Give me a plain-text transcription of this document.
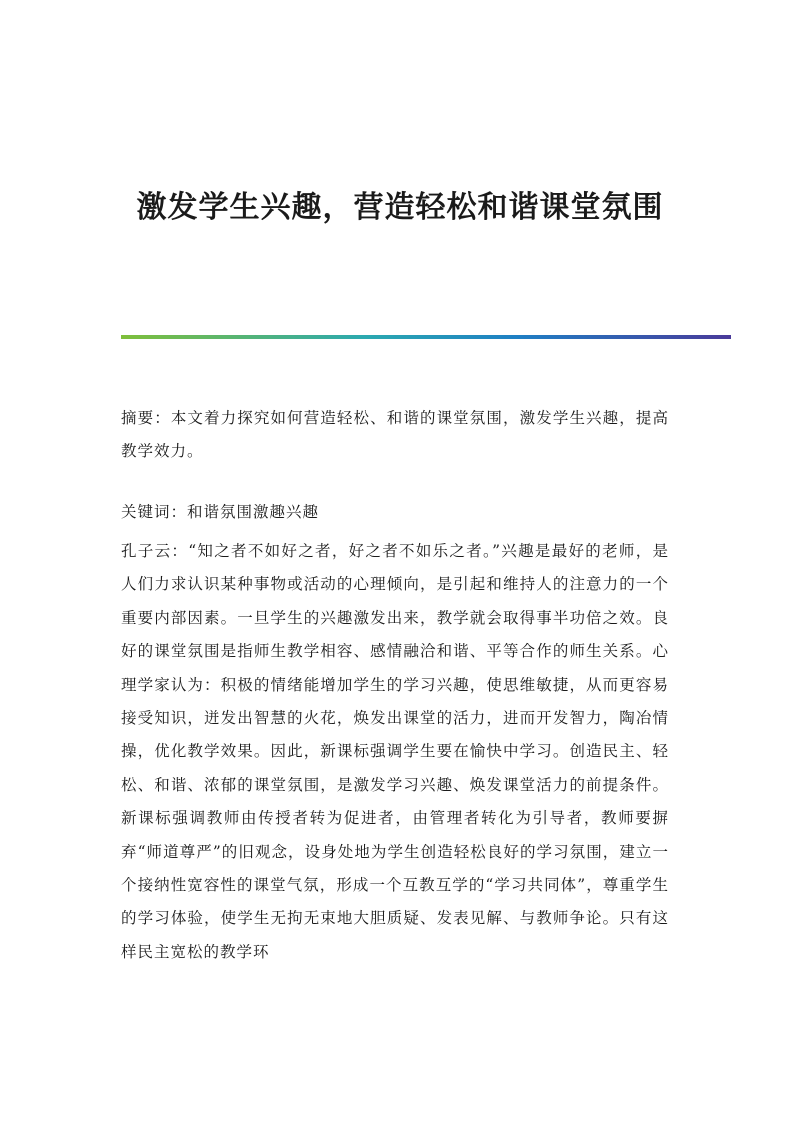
激发学生兴趣，营造轻松和谐课堂氛围

摘要：本文着力探究如何营造轻松、和谐的课堂氛围，激发学生兴趣，提高教学效力。

关键词：和谐氛围激趣兴趣

孔子云：“知之者不如好之者，好之者不如乐之者。”兴趣是最好的老师，是人们力求认识某种事物或活动的心理倾向，是引起和维持人的注意力的一个重要内部因素。一旦学生的兴趣激发出来，教学就会取得事半功倍之效。良好的课堂氛围是指师生教学相容、感情融洽和谐、平等合作的师生关系。心理学家认为：积极的情绪能增加学生的学习兴趣，使思维敏捷，从而更容易接受知识，迸发出智慧的火花，焕发出课堂的活力，进而开发智力，陶冶情操，优化教学效果。因此，新课标强调学生要在愉快中学习。创造民主、轻松、和谐、浓郁的课堂氛围，是激发学习兴趣、焕发课堂活力的前提条件。新课标强调教师由传授者转为促进者，由管理者转化为引导者，教师要摒弃“师道尊严”的旧观念，设身处地为学生创造轻松良好的学习氛围，建立一个接纳性宽容性的课堂气氛，形成一个互教互学的“学习共同体”，尊重学生的学习体验，使学生无拘无束地大胆质疑、发表见解、与教师争论。只有这样民主宽松的教学环
